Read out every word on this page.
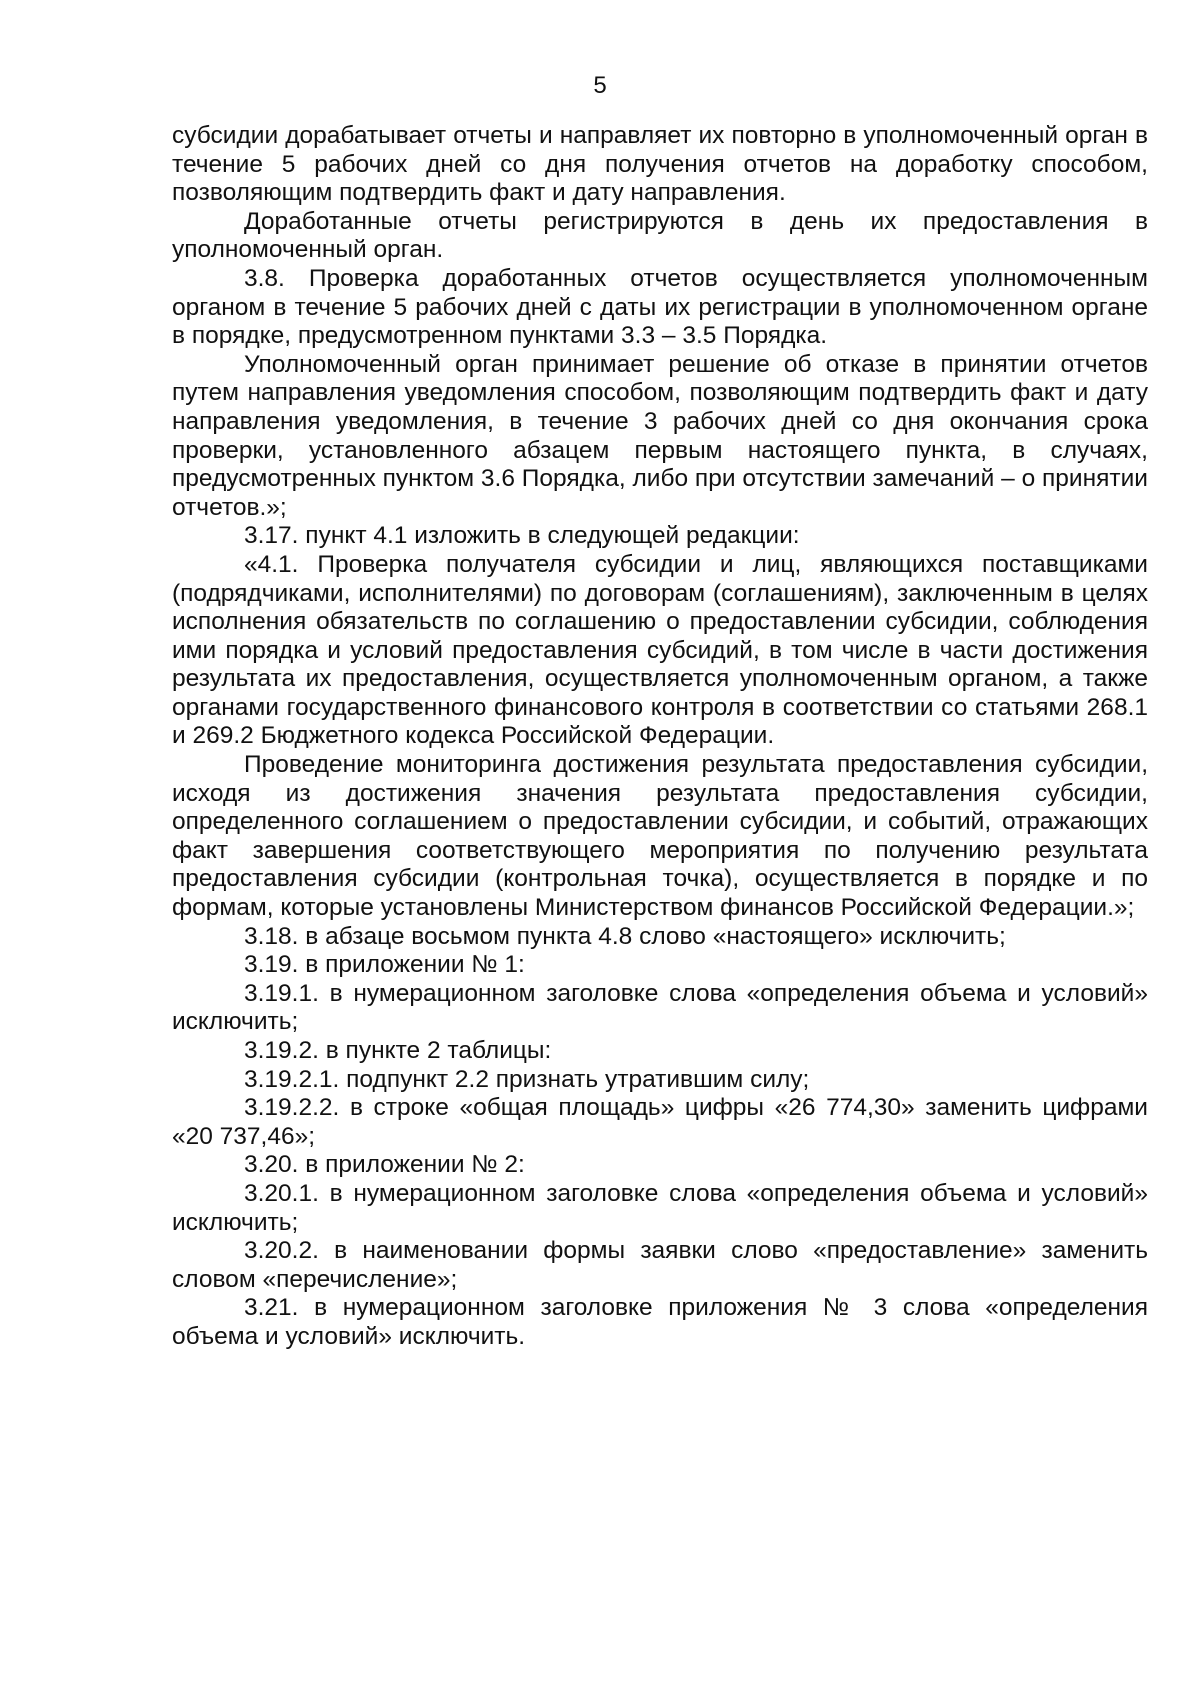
5

субсидии дорабатывает отчеты и направляет их повторно в уполномоченный орган в течение 5 рабочих дней со дня получения отчетов на доработку способом, позволяющим подтвердить факт и дату направления.

Доработанные отчеты регистрируются в день их предоставления в уполномоченный орган.

3.8. Проверка доработанных отчетов осуществляется уполномоченным органом в течение 5 рабочих дней с даты их регистрации в уполномоченном органе в порядке, предусмотренном пунктами 3.3 – 3.5 Порядка.

Уполномоченный орган принимает решение об отказе в принятии отчетов путем направления уведомления способом, позволяющим подтвердить факт и дату направления уведомления, в течение 3 рабочих дней со дня окончания срока проверки, установленного абзацем первым настоящего пункта, в случаях, предусмотренных пунктом 3.6 Порядка, либо при отсутствии замечаний – о принятии отчетов.»;

3.17. пункт 4.1 изложить в следующей редакции:

«4.1. Проверка получателя субсидии и лиц, являющихся поставщиками (подрядчиками, исполнителями) по договорам (соглашениям), заключенным в целях исполнения обязательств по соглашению о предоставлении субсидии, соблюдения ими порядка и условий предоставления субсидий, в том числе в части достижения результата их предоставления, осуществляется уполномоченным органом, а также органами государственного финансового контроля в соответствии со статьями 268.1 и 269.2 Бюджетного кодекса Российской Федерации.

Проведение мониторинга достижения результата предоставления субсидии, исходя из достижения значения результата предоставления субсидии, определенного соглашением о предоставлении субсидии, и событий, отражающих факт завершения соответствующего мероприятия по получению результата предоставления субсидии (контрольная точка), осуществляется в порядке и по формам, которые установлены Министерством финансов Российской Федерации.»;

3.18. в абзаце восьмом пункта 4.8 слово «настоящего» исключить;

3.19. в приложении № 1:

3.19.1. в нумерационном заголовке слова «определения объема и условий» исключить;

3.19.2. в пункте 2 таблицы:

3.19.2.1. подпункт 2.2 признать утратившим силу;

3.19.2.2. в строке «общая площадь» цифры «26 774,30» заменить цифрами «20 737,46»;

3.20. в приложении № 2:

3.20.1. в нумерационном заголовке слова «определения объема и условий» исключить;

3.20.2. в наименовании формы заявки слово «предоставление» заменить словом «перечисление»;

3.21. в нумерационном заголовке приложения № 3 слова «определения объема и условий» исключить.
